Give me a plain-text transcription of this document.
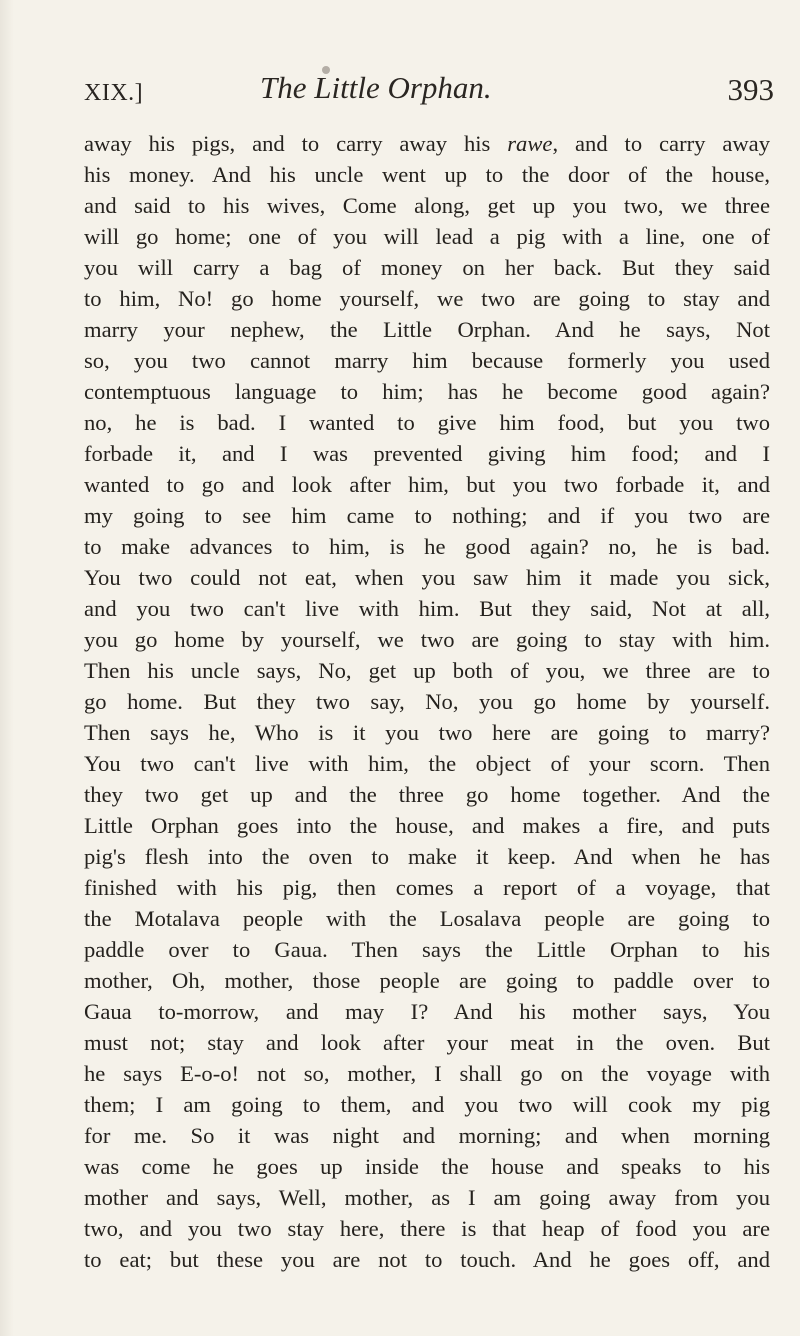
XIX.]	The Little Orphan.	393
away his pigs, and to carry away his rawe, and to carry away
his money. And his uncle went up to the door of the house,
and said to his wives, Come along, get up you two, we three
will go home; one of you will lead a pig with a line, one of
you will carry a bag of money on her back. But they said
to him, No! go home yourself, we two are going to stay and
marry your nephew, the Little Orphan. And he says, Not
so, you two cannot marry him because formerly you used
contemptuous language to him; has he become good again?
no, he is bad. I wanted to give him food, but you two
forbade it, and I was prevented giving him food; and I
wanted to go and look after him, but you two forbade it, and
my going to see him came to nothing; and if you two are
to make advances to him, is he good again? no, he is bad.
You two could not eat, when you saw him it made you sick,
and you two can't live with him. But they said, Not at all,
you go home by yourself, we two are going to stay with him.
Then his uncle says, No, get up both of you, we three are to
go home. But they two say, No, you go home by yourself.
Then says he, Who is it you two here are going to marry?
You two can't live with him, the object of your scorn. Then
they two get up and the three go home together. And the
Little Orphan goes into the house, and makes a fire, and puts
pig's flesh into the oven to make it keep. And when he has
finished with his pig, then comes a report of a voyage, that
the Motalava people with the Losalava people are going to
paddle over to Gaua. Then says the Little Orphan to his
mother, Oh, mother, those people are going to paddle over to
Gaua to-morrow, and may I? And his mother says, You
must not; stay and look after your meat in the oven. But
he says E-o-o! not so, mother, I shall go on the voyage with
them; I am going to them, and you two will cook my pig
for me. So it was night and morning; and when morning
was come he goes up inside the house and speaks to his
mother and says, Well, mother, as I am going away from you
two, and you two stay here, there is that heap of food you are
to eat; but these you are not to touch. And he goes off, and
